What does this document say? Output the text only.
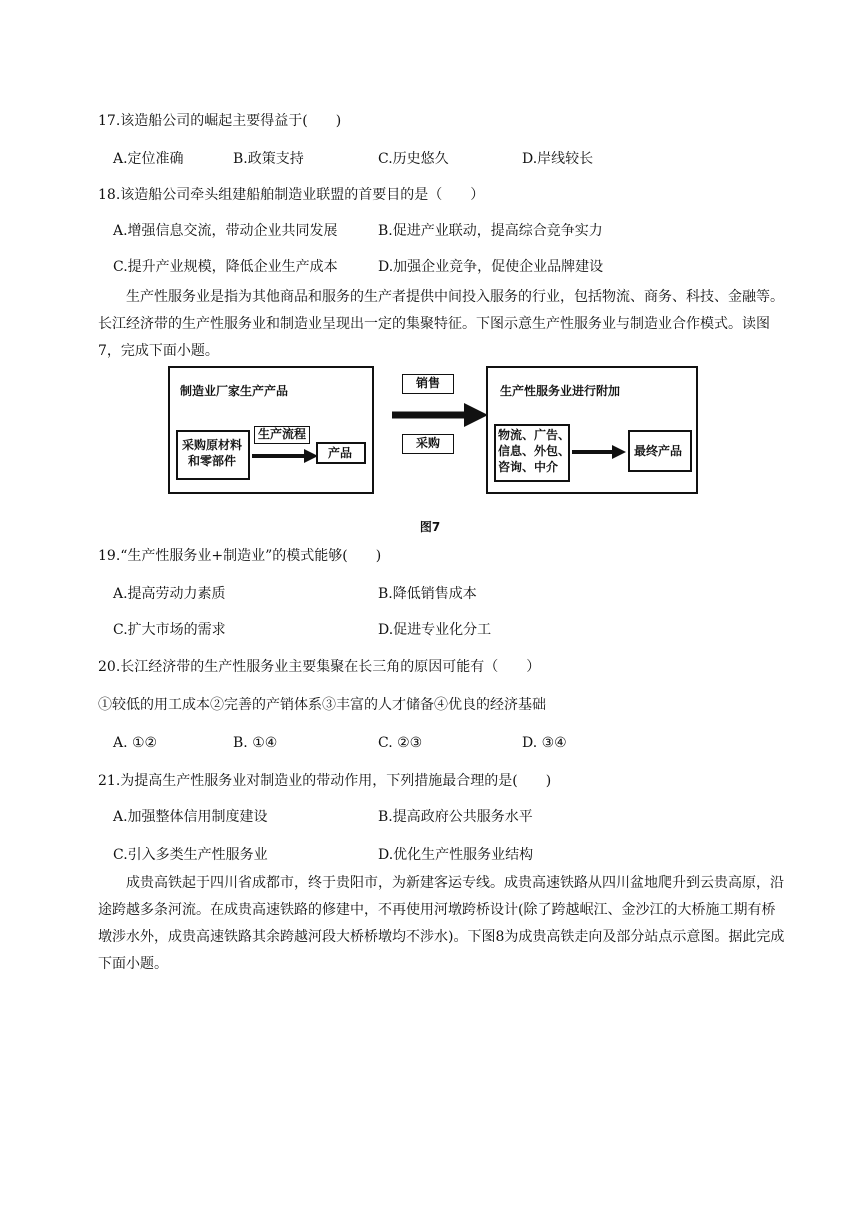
17.该造船公司的崛起主要得益于(　　)
A.定位准确	B.政策支持	C.历史悠久	D.岸线较长
18.该造船公司牵头组建船舶制造业联盟的首要目的是（　　）
A.增强信息交流，带动企业共同发展	B.促进产业联动，提高综合竞争实力
C.提升产业规模，降低企业生产成本	D.加强企业竞争，促使企业品牌建设
生产性服务业是指为其他商品和服务的生产者提供中间投入服务的行业，包括物流、商务、科技、金融等。长江经济带的生产性服务业和制造业呈现出一定的集聚特征。下图示意生产性服务业与制造业合作模式。读图7，完成下面小题。
制造业厂家生产产品
采购原材料
和零部件
生产流程
产品
销售
采购
生产性服务业进行附加
物流、广告、
信息、外包、
咨询、中介
最终产品
图7
19.“生产性服务业+制造业”的模式能够(　　)
A.提高劳动力素质	B.降低销售成本
C.扩大市场的需求	D.促进专业化分工
20.长江经济带的生产性服务业主要集聚在长三角的原因可能有（　　）
①较低的用工成本②完善的产销体系③丰富的人才储备④优良的经济基础
A. ①②	B. ①④	C. ②③	D. ③④
21.为提高生产性服务业对制造业的带动作用，下列措施最合理的是(　　)
A.加强整体信用制度建设	B.提高政府公共服务水平
C.引入多类生产性服务业	D.优化生产性服务业结构
成贵高铁起于四川省成都市，终于贵阳市，为新建客运专线。成贵高速铁路从四川盆地爬升到云贵高原，沿途跨越多条河流。在成贵高速铁路的修建中，不再使用河墩跨桥设计(除了跨越岷江、金沙江的大桥施工期有桥墩涉水外，成贵高速铁路其余跨越河段大桥桥墩均不涉水)。下图8为成贵高铁走向及部分站点示意图。据此完成下面小题。
